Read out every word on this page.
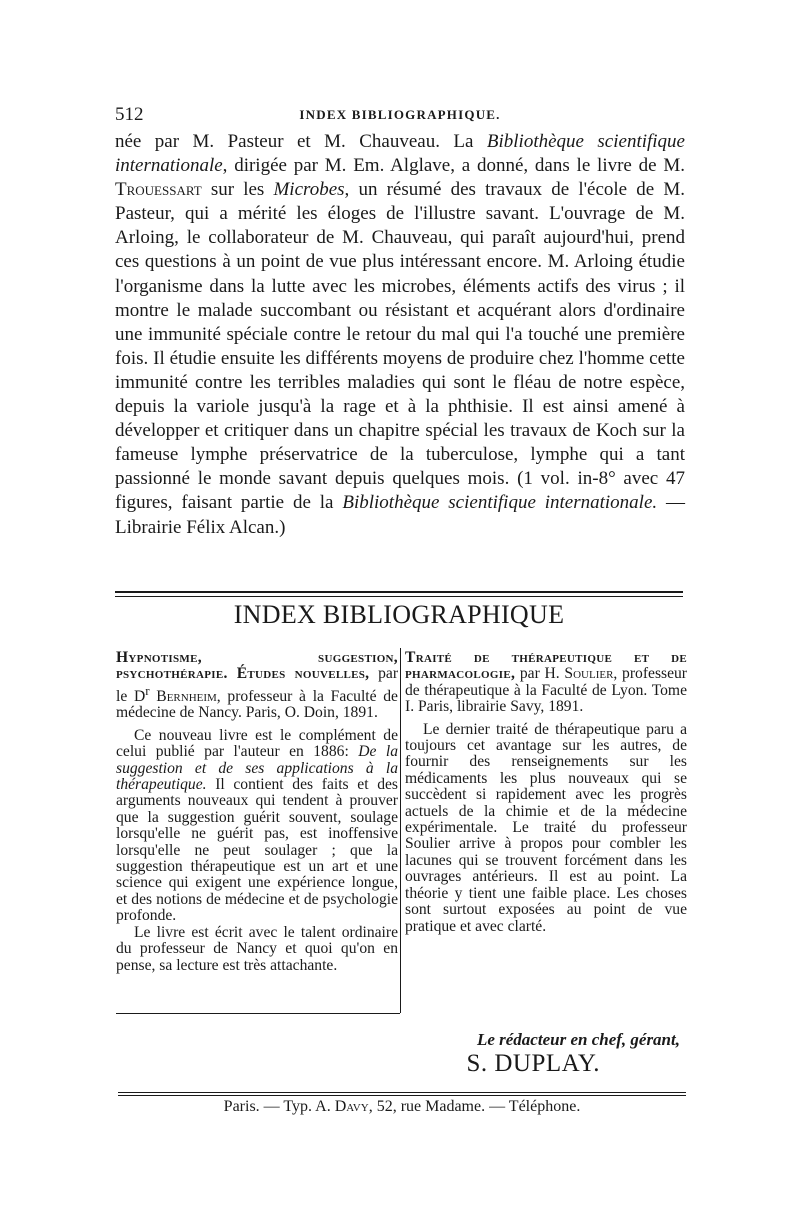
512	INDEX BIBLIOGRAPHIQUE.

née par M. Pasteur et M. Chauveau. La Bibliothèque scientifique internationale, dirigée par M. Em. Alglave, a donné, dans le livre de M. Trouessart sur les Microbes, un résumé des travaux de l'école de M. Pasteur, qui a mérité les éloges de l'illustre savant. L'ouvrage de M. Arloing, le collaborateur de M. Chauveau, qui paraît aujourd'hui, prend ces questions à un point de vue plus intéressant encore. M. Arloing étudie l'organisme dans la lutte avec les microbes, éléments actifs des virus ; il montre le malade succombant ou résistant et acquérant alors d'ordinaire une immunité spéciale contre le retour du mal qui l'a touché une première fois. Il étudie ensuite les différents moyens de produire chez l'homme cette immunité contre les terribles maladies qui sont le fléau de notre espèce, depuis la variole jusqu'à la rage et à la phthisie. Il est ainsi amené à développer et critiquer dans un chapitre spécial les travaux de Koch sur la fameuse lymphe préservatrice de la tuberculose, lymphe qui a tant passionné le monde savant depuis quelques mois. (1 vol. in-8° avec 47 figures, faisant partie de la Bibliothèque scientifique internationale. — Librairie Félix Alcan.)

INDEX BIBLIOGRAPHIQUE

Hypnotisme, suggestion, psychothérapie. Études nouvelles, par le $D^r$ Bernheim, professeur à la Faculté de médecine de Nancy. Paris, O. Doin, 1891.

Ce nouveau livre est le complément de celui publié par l'auteur en 1886: De la suggestion et de ses applications à la thérapeutique. Il contient des faits et des arguments nouveaux qui tendent à prouver que la suggestion guérit souvent, soulage lorsqu'elle ne guérit pas, est inoffensive lorsqu'elle ne peut soulager ; que la suggestion thérapeutique est un art et une science qui exigent une expérience longue, et des notions de médecine et de psychologie profonde.

Le livre est écrit avec le talent ordinaire du professeur de Nancy et quoi qu'on en pense, sa lecture est très attachante.

Traité de thérapeutique et de pharmacologie, par H. Soulier, professeur de thérapeutique à la Faculté de Lyon. Tome I. Paris, librairie Savy, 1891.

Le dernier traité de thérapeutique paru a toujours cet avantage sur les autres, de fournir des renseignements sur les médicaments les plus nouveaux qui se succèdent si rapidement avec les progrès actuels de la chimie et de la médecine expérimentale. Le traité du professeur Soulier arrive à propos pour combler les lacunes qui se trouvent forcément dans les ouvrages antérieurs. Il est au point. La théorie y tient une faible place. Les choses sont surtout exposées au point de vue pratique et avec clarté.

Le rédacteur en chef, gérant,
S. DUPLAY.
Paris. — Typ. A. Davy, 52, rue Madame. — Téléphone.
